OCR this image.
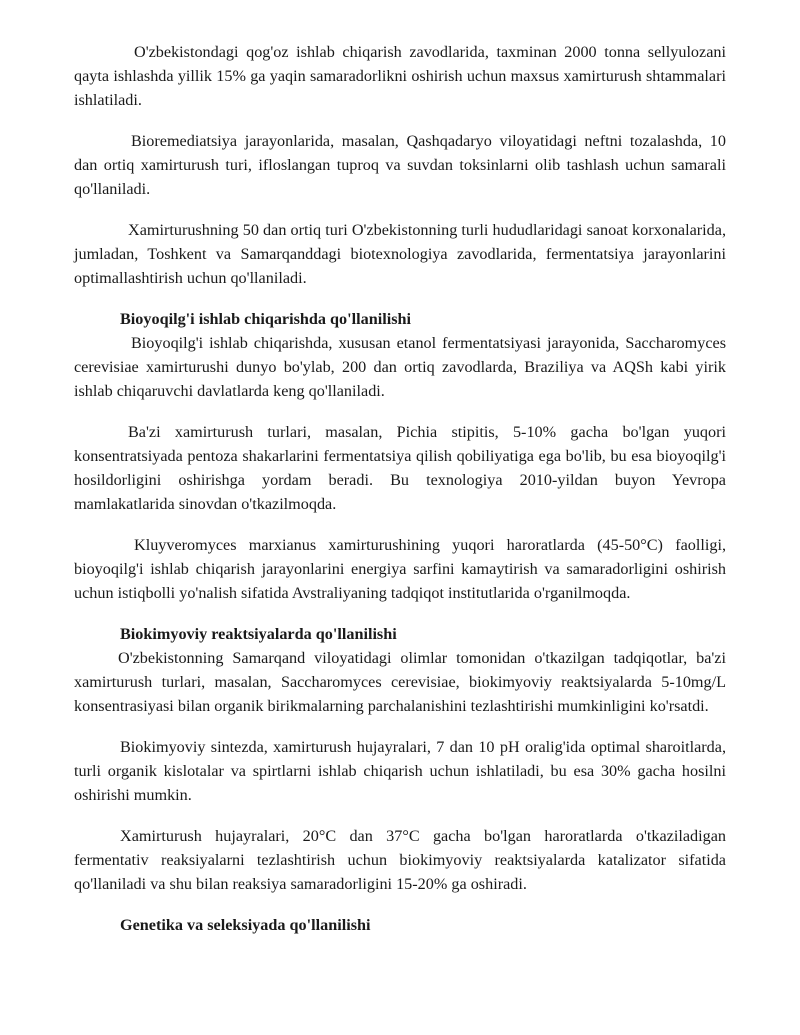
O'zbekistondagi qog'oz ishlab chiqarish zavodlarida, taxminan 2000 tonna sellyulozani qayta ishlashda yillik 15% ga yaqin samaradorlikni oshirish uchun maxsus xamirturush shtammalari ishlatiladi.

Bioremediatsiya jarayonlarida, masalan, Qashqadaryo viloyatidagi neftni tozalashda, 10 dan ortiq xamirturush turi, ifloslangan tuproq va suvdan toksinlarni olib tashlash uchun samarali qo'llaniladi.

Xamirturushning 50 dan ortiq turi O'zbekistonning turli hududlaridagi sanoat korxonalarida, jumladan, Toshkent va Samarqanddagi biotexnologiya zavodlarida, fermentatsiya jarayonlarini optimallashtirish uchun qo'llaniladi.

Bioyoqilg'i ishlab chiqarishda qo'llanilishi

Bioyoqilg'i ishlab chiqarishda, xususan etanol fermentatsiyasi jarayonida, Saccharomyces cerevisiae xamirturushi dunyo bo'ylab, 200 dan ortiq zavodlarda, Braziliya va AQSh kabi yirik ishlab chiqaruvchi davlatlarda keng qo'llaniladi.

Ba'zi xamirturush turlari, masalan, Pichia stipitis, 5-10% gacha bo'lgan yuqori konsentratsiyada pentoza shakarlarini fermentatsiya qilish qobiliyatiga ega bo'lib, bu esa bioyoqilg'i hosildorligini oshirishga yordam beradi. Bu texnologiya 2010-yildan buyon Yevropa mamlakatlarida sinovdan o'tkazilmoqda.

Kluyveromyces marxianus xamirturushining yuqori haroratlarda (45-50°C) faolligi, bioyoqilg'i ishlab chiqarish jarayonlarini energiya sarfini kamaytirish va samaradorligini oshirish uchun istiqbolli yo'nalish sifatida Avstraliyaning tadqiqot institutlarida o'rganilmoqda.

Biokimyoviy reaktsiyalarda qo'llanilishi

O'zbekistonning Samarqand viloyatidagi olimlar tomonidan o'tkazilgan tadqiqotlar, ba'zi xamirturush turlari, masalan, Saccharomyces cerevisiae, biokimyoviy reaktsiyalarda 5-10mg/L konsentrasiyasi bilan organik birikmalarning parchalanishini tezlashtirishi mumkinligini ko'rsatdi.

Biokimyoviy sintezda, xamirturush hujayralari, 7 dan 10 pH oralig'ida optimal sharoitlarda, turli organik kislotalar va spirtlarni ishlab chiqarish uchun ishlatiladi, bu esa 30% gacha hosilni oshirishi mumkin.

Xamirturush hujayralari, 20°C dan 37°C gacha bo'lgan haroratlarda o'tkaziladigan fermentativ reaksiyalarni tezlashtirish uchun biokimyoviy reaktsiyalarda katalizator sifatida qo'llaniladi va shu bilan reaksiya samaradorligini 15-20% ga oshiradi.

Genetika va seleksiyada qo'llanilishi
